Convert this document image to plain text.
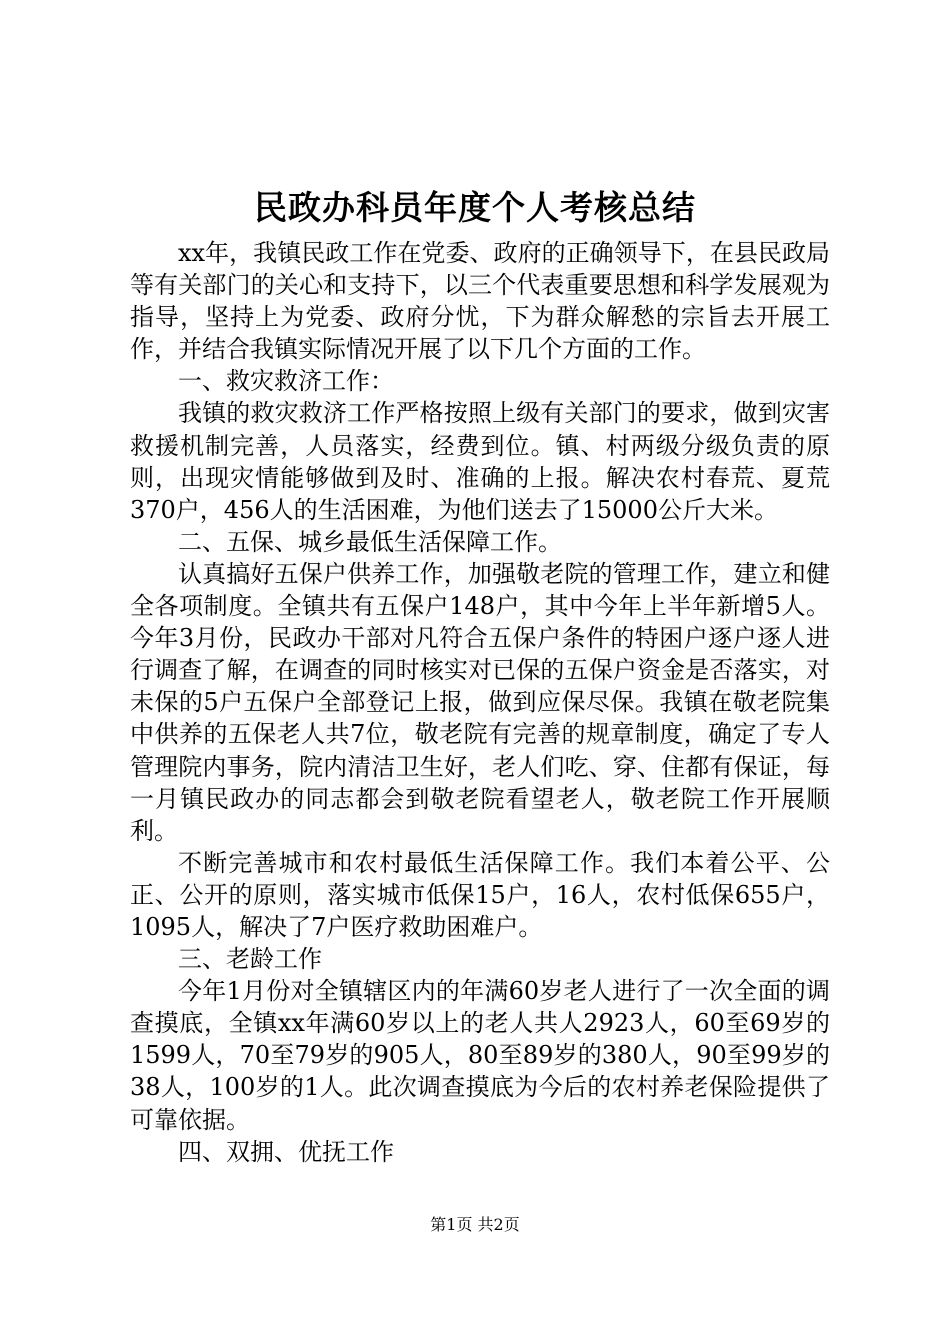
民政办科员年度个人考核总结

xx年，我镇民政工作在党委、政府的正确领导下，在县民政局等有关部门的关心和支持下，以三个代表重要思想和科学发展观为指导，坚持上为党委、政府分忧，下为群众解愁的宗旨去开展工作，并结合我镇实际情况开展了以下几个方面的工作。

一、救灾救济工作：

我镇的救灾救济工作严格按照上级有关部门的要求，做到灾害救援机制完善，人员落实，经费到位。镇、村两级分级负责的原则，出现灾情能够做到及时、准确的上报。解决农村春荒、夏荒370户，456人的生活困难，为他们送去了15000公斤大米。

二、五保、城乡最低生活保障工作。

认真搞好五保户供养工作，加强敬老院的管理工作，建立和健全各项制度。全镇共有五保户148户，其中今年上半年新增5人。今年3月份，民政办干部对凡符合五保户条件的特困户逐户逐人进行调查了解，在调查的同时核实对已保的五保户资金是否落实，对未保的5户五保户全部登记上报，做到应保尽保。我镇在敬老院集中供养的五保老人共7位，敬老院有完善的规章制度，确定了专人管理院内事务，院内清洁卫生好，老人们吃、穿、住都有保证，每一月镇民政办的同志都会到敬老院看望老人，敬老院工作开展顺利。

不断完善城市和农村最低生活保障工作。我们本着公平、公正、公开的原则，落实城市低保15户，16人，农村低保655户，1095人，解决了7户医疗救助困难户。

三、老龄工作

今年1月份对全镇辖区内的年满60岁老人进行了一次全面的调查摸底，全镇xx年满60岁以上的老人共人2923人，60至69岁的1599人，70至79岁的905人，80至89岁的380人，90至99岁的38人，100岁的1人。此次调查摸底为今后的农村养老保险提供了可靠依据。

四、双拥、优抚工作

第1页 共2页
